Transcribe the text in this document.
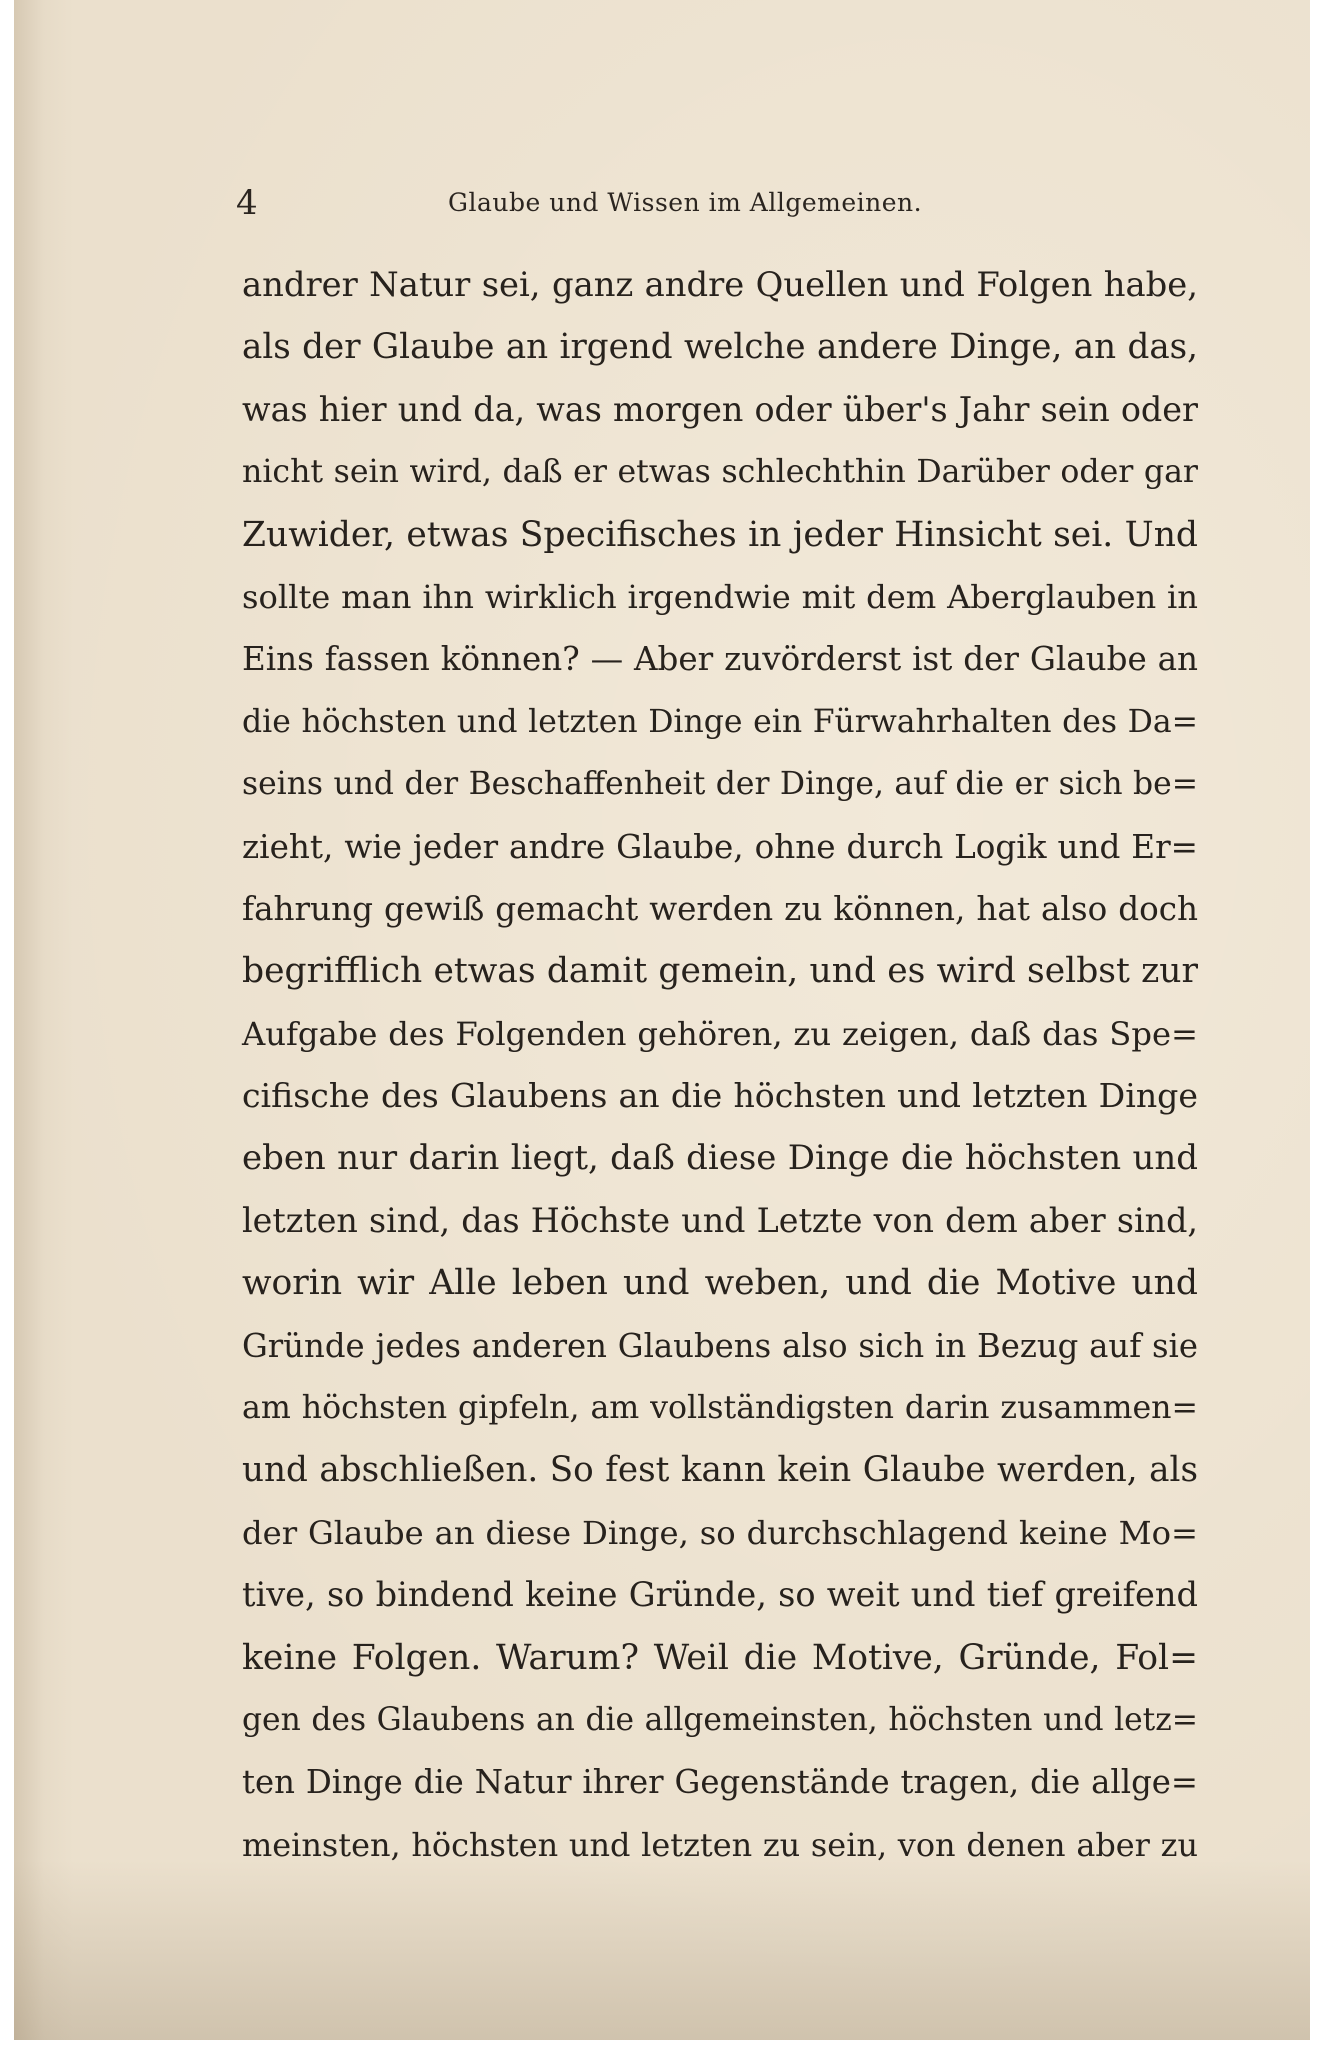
4	Glaube und Wissen im Allgemeinen.
andrer Natur sei, ganz andre Quellen und Folgen habe,
als der Glaube an irgend welche andere Dinge, an das,
was hier und da, was morgen oder über's Jahr sein oder
nicht sein wird, daß er etwas schlechthin Darüber oder gar
Zuwider, etwas Specifisches in jeder Hinsicht sei. Und
sollte man ihn wirklich irgendwie mit dem Aberglauben in
Eins fassen können? — Aber zuvörderst ist der Glaube an
die höchsten und letzten Dinge ein Fürwahrhalten des Da=
seins und der Beschaffenheit der Dinge, auf die er sich be=
zieht, wie jeder andre Glaube, ohne durch Logik und Er=
fahrung gewiß gemacht werden zu können, hat also doch
begrifflich etwas damit gemein, und es wird selbst zur
Aufgabe des Folgenden gehören, zu zeigen, daß das Spe=
cifische des Glaubens an die höchsten und letzten Dinge
eben nur darin liegt, daß diese Dinge die höchsten und
letzten sind, das Höchste und Letzte von dem aber sind,
worin wir Alle leben und weben, und die Motive und
Gründe jedes anderen Glaubens also sich in Bezug auf sie
am höchsten gipfeln, am vollständigsten darin zusammen=
und abschließen. So fest kann kein Glaube werden, als
der Glaube an diese Dinge, so durchschlagend keine Mo=
tive, so bindend keine Gründe, so weit und tief greifend
keine Folgen. Warum? Weil die Motive, Gründe, Fol=
gen des Glaubens an die allgemeinsten, höchsten und letz=
ten Dinge die Natur ihrer Gegenstände tragen, die allge=
meinsten, höchsten und letzten zu sein, von denen aber zu
